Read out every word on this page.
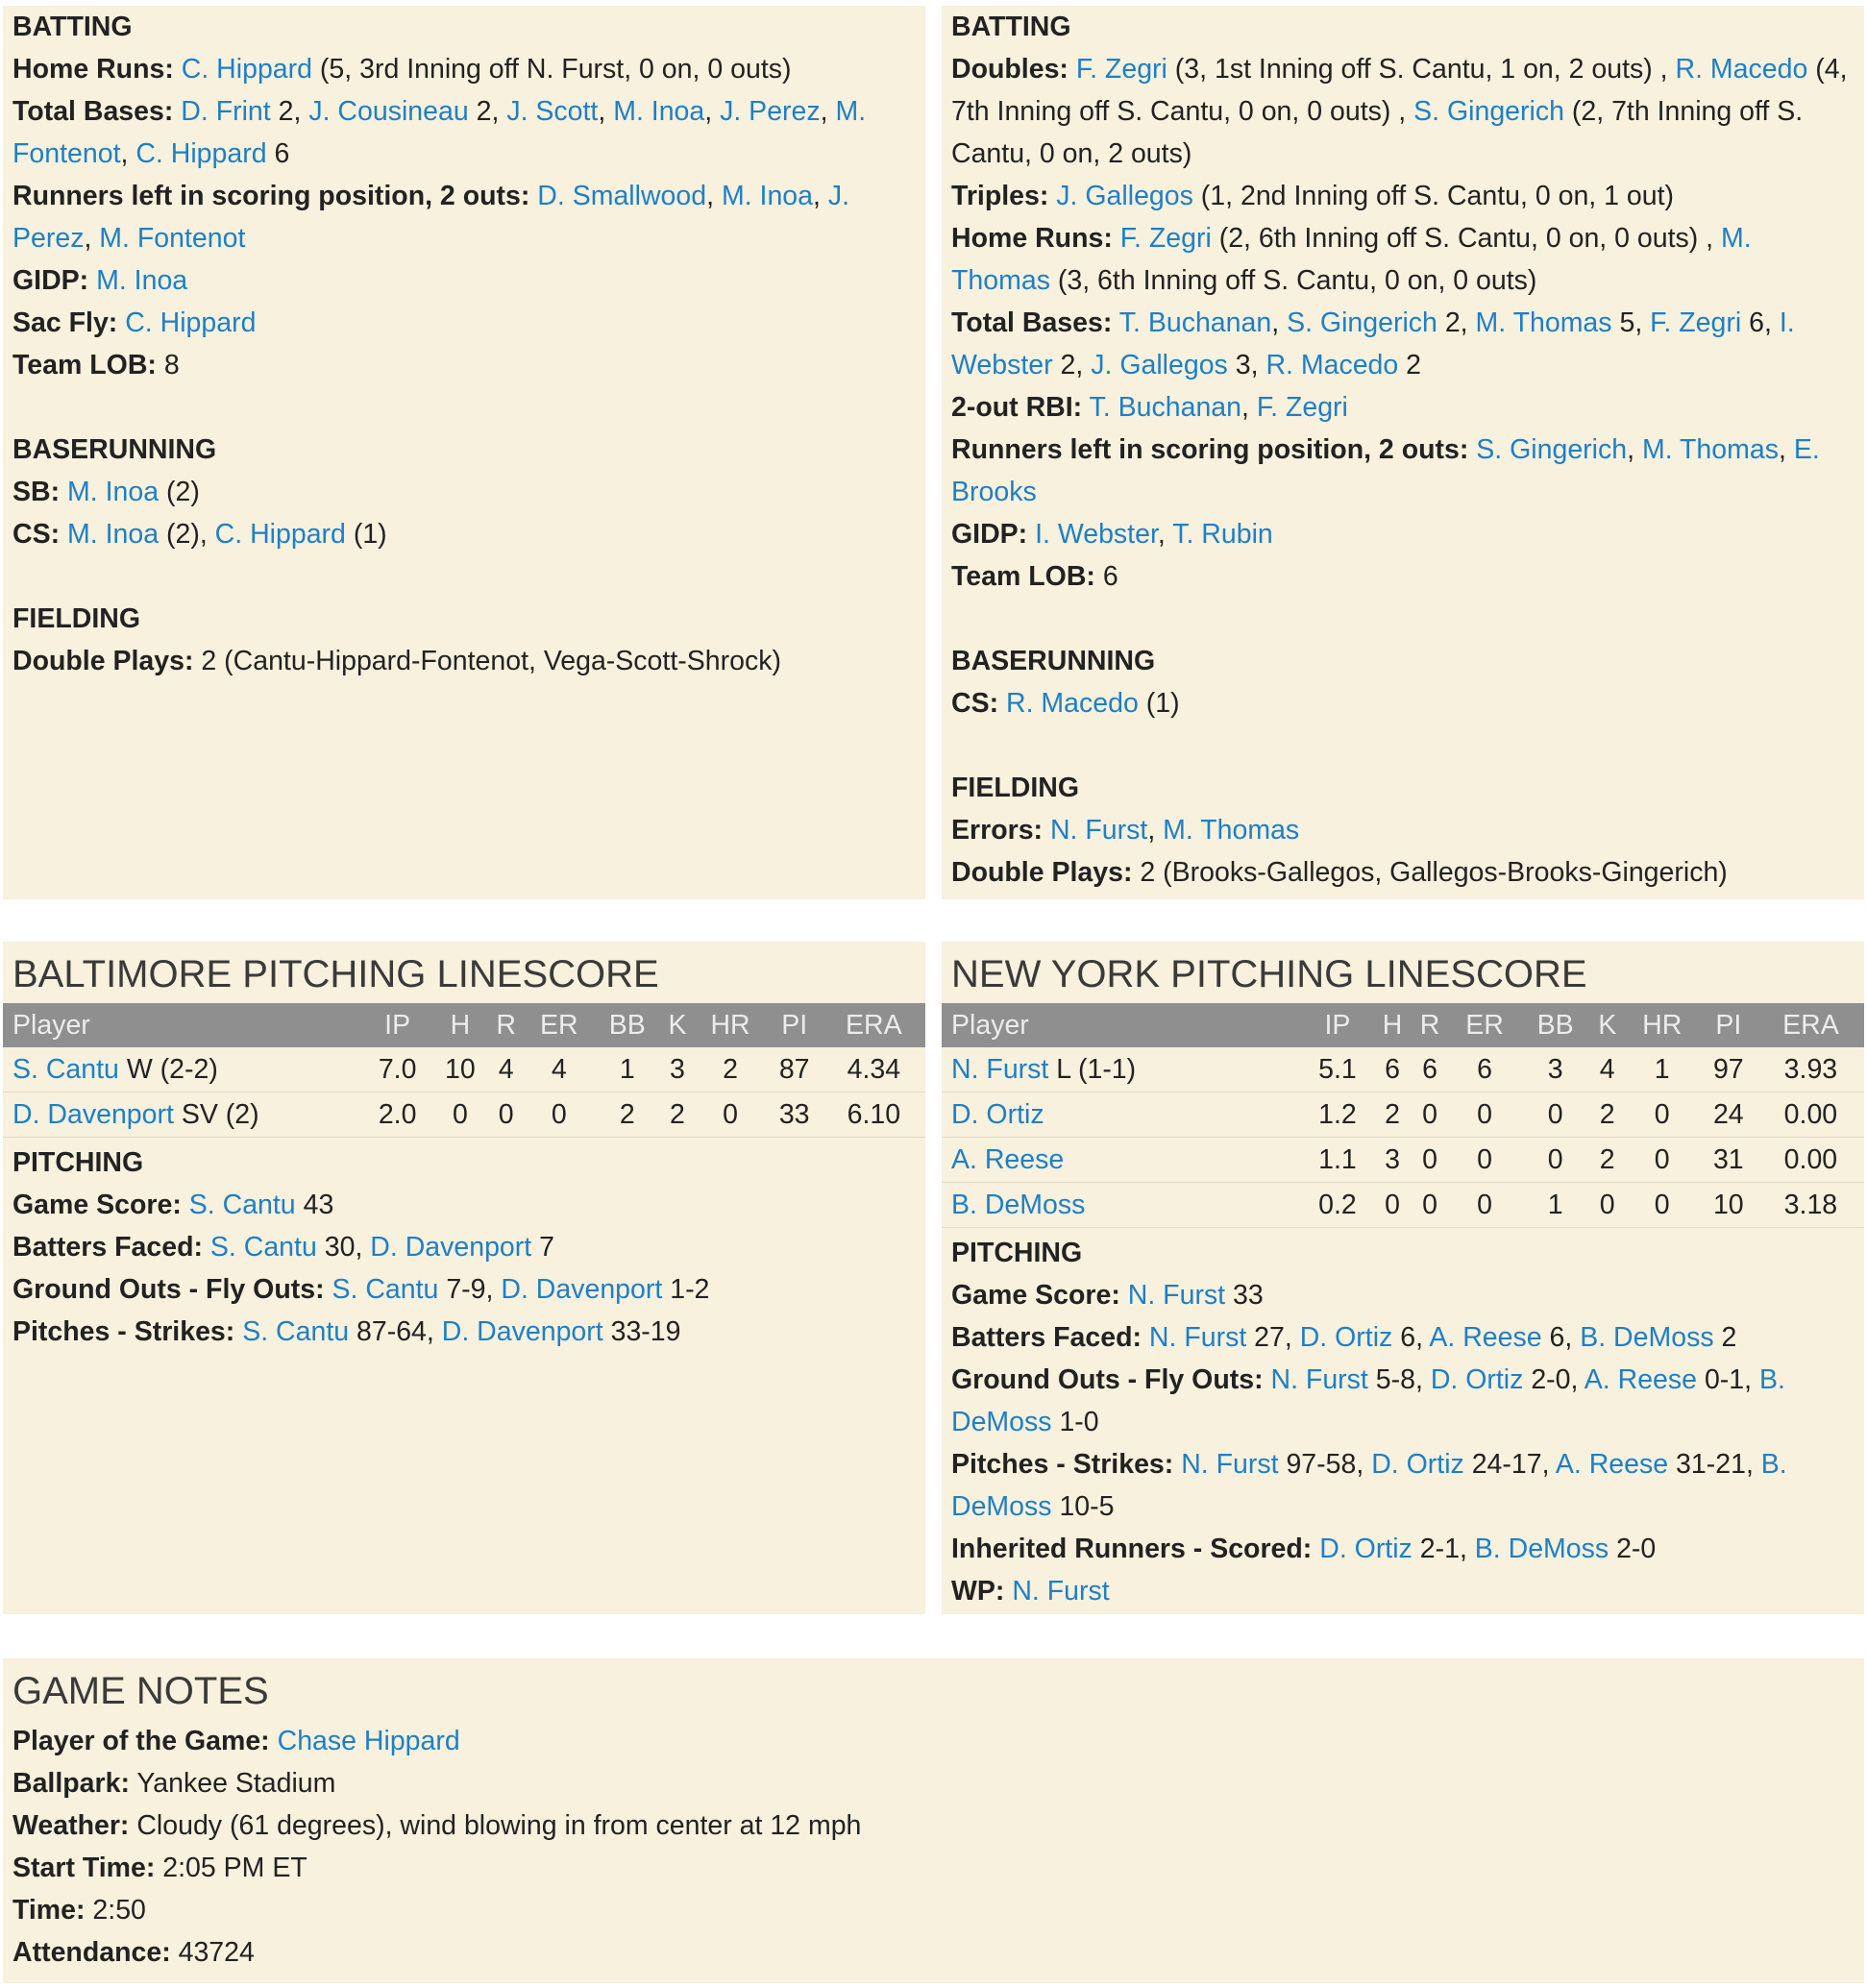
BATTING
Home Runs: C. Hippard (5, 3rd Inning off N. Furst, 0 on, 0 outs)
Total Bases: D. Frint 2, J. Cousineau 2, J. Scott, M. Inoa, J. Perez, M. Fontenot, C. Hippard 6
Runners left in scoring position, 2 outs: D. Smallwood, M. Inoa, J. Perez, M. Fontenot
GIDP: M. Inoa
Sac Fly: C. Hippard
Team LOB: 8
BASERUNNING
SB: M. Inoa (2)
CS: M. Inoa (2), C. Hippard (1)
FIELDING
Double Plays: 2 (Cantu-Hippard-Fontenot, Vega-Scott-Shrock)
BATTING
Doubles: F. Zegri (3, 1st Inning off S. Cantu, 1 on, 2 outs) , R. Macedo (4, 7th Inning off S. Cantu, 0 on, 0 outs) , S. Gingerich (2, 7th Inning off S. Cantu, 0 on, 2 outs)
Triples: J. Gallegos (1, 2nd Inning off S. Cantu, 0 on, 1 out)
Home Runs: F. Zegri (2, 6th Inning off S. Cantu, 0 on, 0 outs) , M. Thomas (3, 6th Inning off S. Cantu, 0 on, 0 outs)
Total Bases: T. Buchanan, S. Gingerich 2, M. Thomas 5, F. Zegri 6, I. Webster 2, J. Gallegos 3, R. Macedo 2
2-out RBI: T. Buchanan, F. Zegri
Runners left in scoring position, 2 outs: S. Gingerich, M. Thomas, E. Brooks
GIDP: I. Webster, T. Rubin
Team LOB: 6
BASERUNNING
CS: R. Macedo (1)
FIELDING
Errors: N. Furst, M. Thomas
Double Plays: 2 (Brooks-Gallegos, Gallegos-Brooks-Gingerich)
BALTIMORE PITCHING LINESCORE
Player	IP	H	R	ER	BB	K	HR	PI	ERA
S. Cantu W (2-2)	7.0	10	4	4	1	3	2	87	4.34
D. Davenport SV (2)	2.0	0	0	0	2	2	0	33	6.10
PITCHING
Game Score: S. Cantu 43
Batters Faced: S. Cantu 30, D. Davenport 7
Ground Outs - Fly Outs: S. Cantu 7-9, D. Davenport 1-2
Pitches - Strikes: S. Cantu 87-64, D. Davenport 33-19
NEW YORK PITCHING LINESCORE
Player	IP	H	R	ER	BB	K	HR	PI	ERA
N. Furst L (1-1)	5.1	6	6	6	3	4	1	97	3.93
D. Ortiz	1.2	2	0	0	0	2	0	24	0.00
A. Reese	1.1	3	0	0	0	2	0	31	0.00
B. DeMoss	0.2	0	0	0	1	0	0	10	3.18
PITCHING
Game Score: N. Furst 33
Batters Faced: N. Furst 27, D. Ortiz 6, A. Reese 6, B. DeMoss 2
Ground Outs - Fly Outs: N. Furst 5-8, D. Ortiz 2-0, A. Reese 0-1, B. DeMoss 1-0
Pitches - Strikes: N. Furst 97-58, D. Ortiz 24-17, A. Reese 31-21, B. DeMoss 10-5
Inherited Runners - Scored: D. Ortiz 2-1, B. DeMoss 2-0
WP: N. Furst
GAME NOTES
Player of the Game: Chase Hippard
Ballpark: Yankee Stadium
Weather: Cloudy (61 degrees), wind blowing in from center at 12 mph
Start Time: 2:05 PM ET
Time: 2:50
Attendance: 43724
